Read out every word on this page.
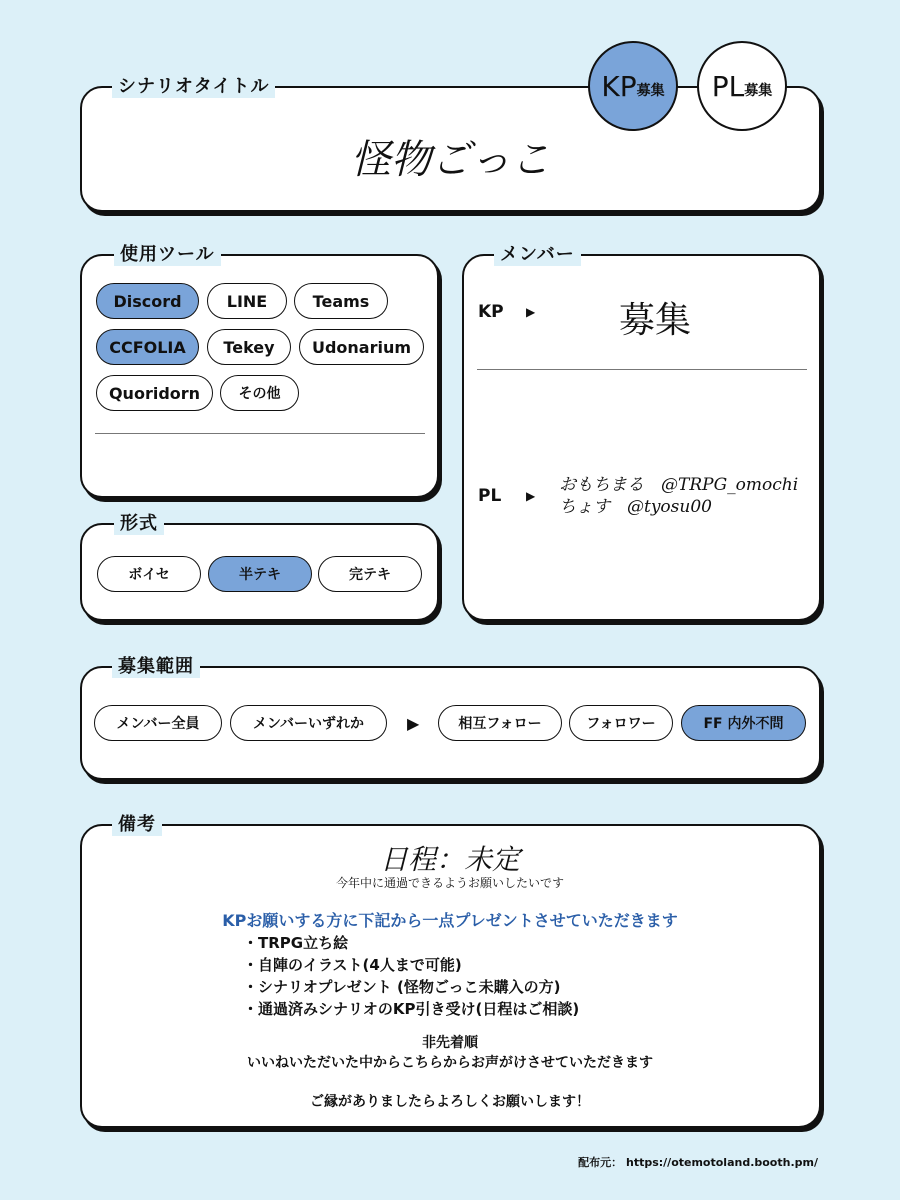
シナリオタイトル
怪物ごっこ
KP 募集 PL 募集
使用ツール
Discord	LINE	Teams
CCFOLIA	Tekey	Udonarium
Quoridorn	その他
形式
ボイセ	半テキ	完テキ
メンバー
KP ▶	募集
PL ▶
おもちまる　@TRPG_omochi
ちょす　@tyosu00
募集範囲
メンバー全員	メンバーいずれか	▶	相互フォロー	フォロワー	FF 内外不問
備考
日程：未定
今年中に通過できるようお願いしたいです
KPお願いする方に下記から一点プレゼントさせていただきます
・TRPG立ち絵
・自陣のイラスト(4人まで可能)
・シナリオプレゼント (怪物ごっこ未購入の方)
・通過済みシナリオのKP引き受け(日程はご相談)
非先着順
いいねいただいた中からこちらからお声がけさせていただきます
ご縁がありましたらよろしくお願いします！
配布元： https://otemotoland.booth.pm/
